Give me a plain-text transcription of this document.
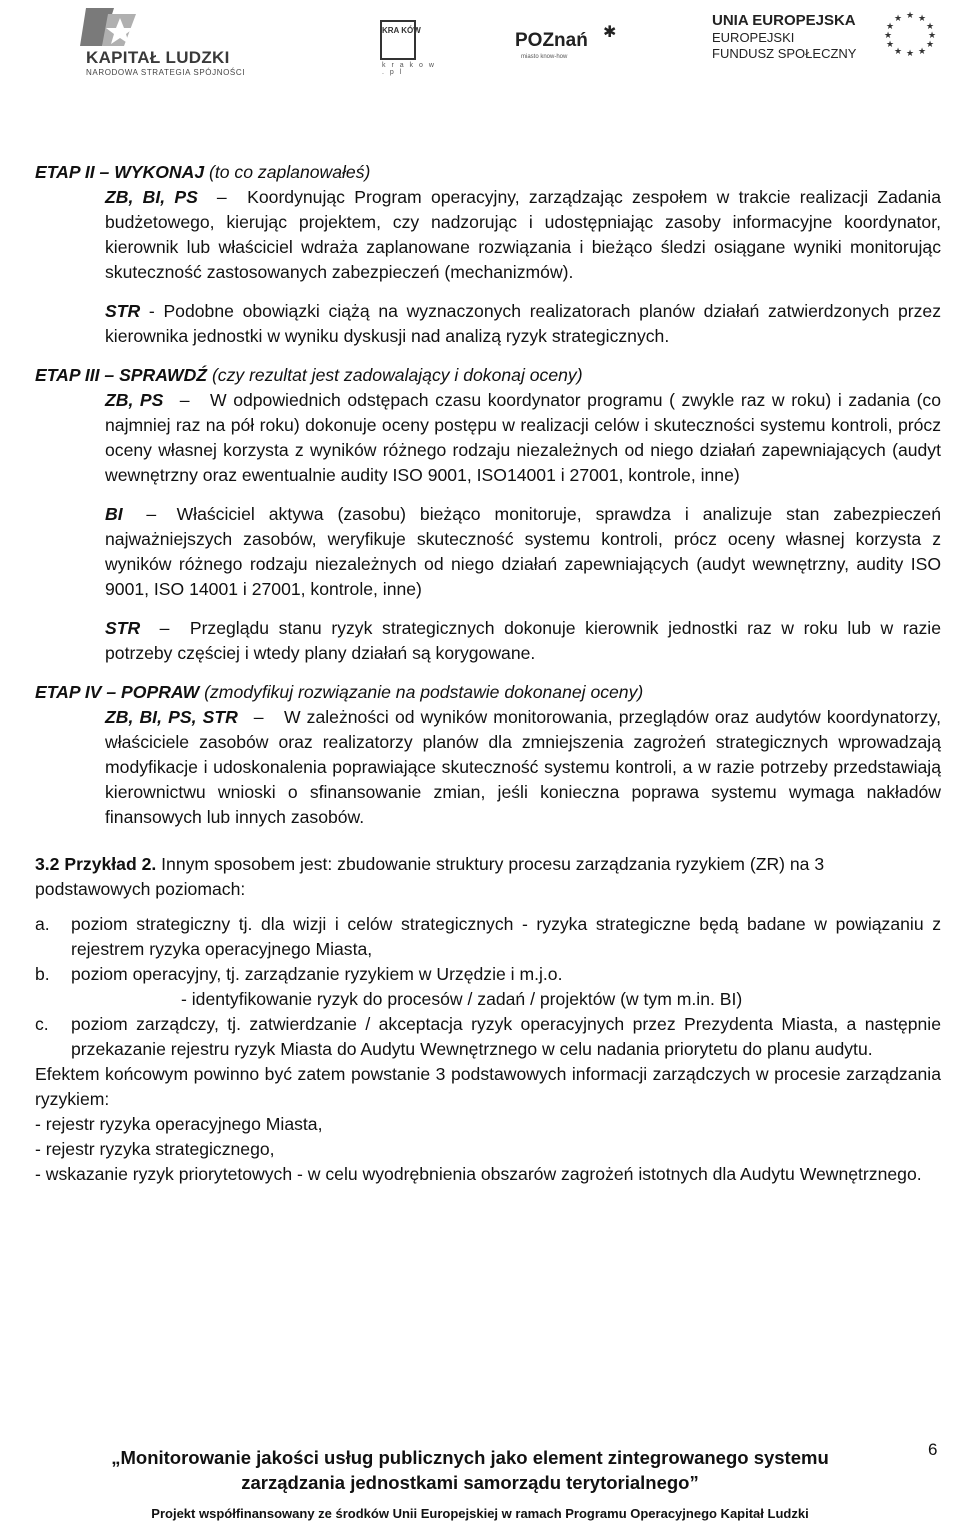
KAPITAŁ LUDZKI
NARODOWA STRATEGIA SPÓJNOŚCI
KRA KÓW
k r a k o w . p l
POZnań ✱
miasto know-how
UNIA EUROPEJSKA
EUROPEJSKI
FUNDUSZ SPOŁECZNY
★ ★
★
★
★
★
★
★
★
★
★
★

ETAP II – WYKONAJ (to co zaplanowałeś)

ZB, BI, PS   – Koordynując Program operacyjny, zarządzając zespołem w trakcie realizacji Zadania budżetowego, kierując projektem, czy nadzorując i udostępniając zasoby informacyjne koordynator, kierownik lub właściciel wdraża zaplanowane rozwiązania i bieżąco śledzi osiągane wyniki monitorując skuteczność zastosowanych zabezpieczeń (mechanizmów).

STR - Podobne obowiązki ciążą na wyznaczonych realizatorach planów działań zatwierdzonych przez kierownika jednostki w wyniku dyskusji nad analizą ryzyk strategicznych.

ETAP III – SPRAWDŹ (czy rezultat jest zadowalający i dokonaj oceny)

ZB, PS   – W odpowiednich odstępach czasu koordynator programu ( zwykle raz w roku) i zadania (co najmniej raz na pół roku) dokonuje oceny postępu w realizacji celów i skuteczności systemu kontroli, prócz oceny własnej korzysta z wyników różnego rodzaju niezależnych od niego działań zapewniających (audyt wewnętrzny oraz ewentualnie audity ISO 9001, ISO14001 i 27001, kontrole, inne)

BI   – Właściciel aktywa (zasobu) bieżąco monitoruje, sprawdza i analizuje stan zabezpieczeń najważniejszych zasobów, weryfikuje skuteczność systemu kontroli, prócz oceny własnej korzysta z wyników różnego rodzaju niezależnych od niego działań zapewniających (audyt wewnętrzny, audity ISO 9001, ISO 14001 i 27001, kontrole, inne)

STR   – Przeglądu stanu ryzyk strategicznych dokonuje kierownik jednostki raz w roku lub w razie potrzeby częściej i wtedy plany działań są korygowane.

ETAP IV – POPRAW (zmodyfikuj rozwiązanie na podstawie dokonanej oceny)

ZB, BI, PS, STR   – W zależności od wyników monitorowania, przeglądów oraz audytów koordynatorzy, właściciele zasobów oraz realizatorzy planów dla zmniejszenia zagrożeń strategicznych wprowadzają modyfikacje i udoskonalenia poprawiające skuteczność systemu kontroli, a w razie potrzeby przedstawiają kierownictwu wnioski o sfinansowanie zmian, jeśli konieczna poprawa systemu wymaga nakładów finansowych lub innych zasobów.

3.2 Przykład 2. Innym sposobem jest: zbudowanie struktury procesu zarządzania ryzykiem (ZR) na 3 podstawowych poziomach:

a. poziom strategiczny tj. dla wizji i celów strategicznych - ryzyka strategiczne będą badane w powiązaniu z rejestrem ryzyka operacyjnego Miasta,
b. poziom operacyjny, tj. zarządzanie ryzykiem w Urzędzie i m.j.o.
- identyfikowanie ryzyk do procesów / zadań / projektów (w tym m.in. BI)
c. poziom zarządczy, tj. zatwierdzanie / akceptacja ryzyk operacyjnych przez Prezydenta Miasta, a następnie przekazanie rejestru ryzyk Miasta do Audytu Wewnętrznego w celu nadania priorytetu do planu audytu.

Efektem końcowym powinno być zatem powstanie 3 podstawowych informacji zarządczych w procesie zarządzania ryzykiem:

- rejestr ryzyka operacyjnego Miasta,

- rejestr ryzyka strategicznego,

- wskazanie ryzyk priorytetowych - w celu wyodrębnienia obszarów zagrożeń istotnych dla Audytu Wewnętrznego.

„Monitorowanie jakości usług publicznych jako element zintegrowanego systemu
zarządzania jednostkami samorządu terytorialnego”
Projekt współfinansowany ze środków Unii Europejskiej w ramach Programu Operacyjnego Kapitał Ludzki
6
